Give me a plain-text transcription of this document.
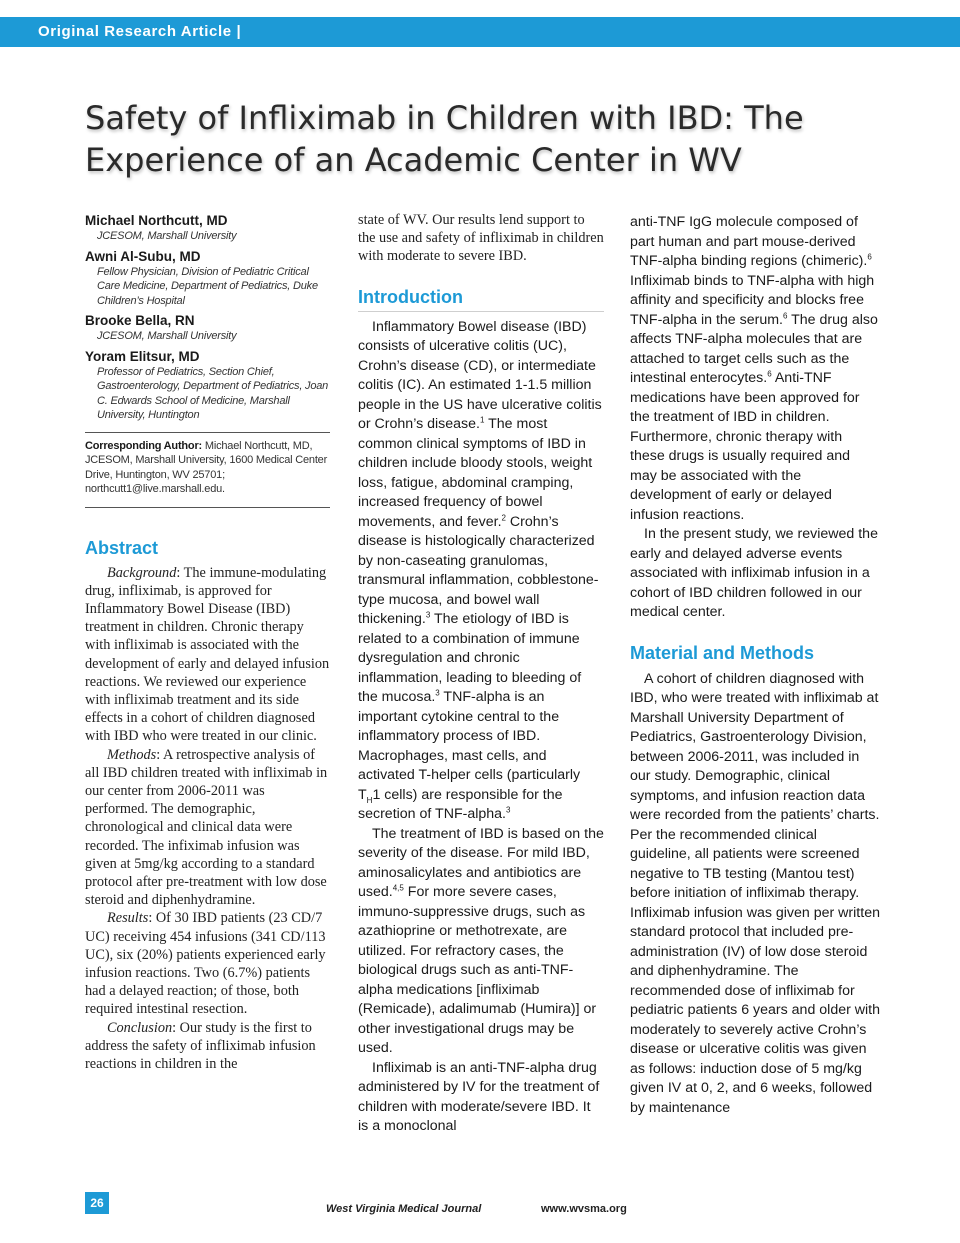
Original Research Article |
Safety of Infliximab in Children with IBD: The
Experience of an Academic Center in WV
Michael Northcutt, MD
JCESOM, Marshall University
Awni Al-Subu, MD
Fellow Physician, Division of Pediatric Critical Care Medicine, Department of Pediatrics, Duke Children’s Hospital
Brooke Bella, RN
JCESOM, Marshall University
Yoram Elitsur, MD
Professor of Pediatrics, Section Chief, Gastroenterology, Department of Pediatrics, Joan C. Edwards School of Medicine, Marshall University, Huntington
Corresponding Author: Michael Northcutt, MD, JCESOM, Marshall University, 1600 Medical Center Drive, Huntington, WV 25701; northcutt1@live.marshall.edu.
Abstract

Background: The immune-modulating drug, infliximab, is approved for Inflammatory Bowel Disease (IBD) treatment in children. Chronic therapy with infliximab is associated with the development of early and delayed infusion reactions. We reviewed our experience with infliximab treatment and its side effects in a cohort of children diagnosed with IBD who were treated in our clinic.

Methods: A retrospective analysis of all IBD children treated with infliximab in our center from 2006-2011 was performed. The demographic, chronological and clinical data were recorded. The infiximab infusion was given at 5mg/kg according to a standard protocol after pre-treatment with low dose steroid and diphenhydramine.

Results: Of 30 IBD patients (23 CD/7 UC) receiving 454 infusions (341 CD/113 UC), six (20%) patients experienced early infusion reactions. Two (6.7%) patients had a delayed reaction; of those, both required intestinal resection.

Conclusion: Our study is the first to address the safety of infliximab infusion reactions in children in the

state of WV. Our results lend support to the use and safety of infliximab in children with moderate to severe IBD.

Introduction

Inflammatory Bowel disease (IBD) consists of ulcerative colitis (UC), Crohn’s disease (CD), or intermediate colitis (IC). An estimated 1-1.5 million people in the US have ulcerative colitis or Crohn’s disease.$^1$ The most common clinical symptoms of IBD in children include bloody stools, weight loss, fatigue, abdominal cramping, increased frequency of bowel movements, and fever.$^2$ Crohn’s disease is histologically characterized by non-caseating granulomas, transmural inflammation, cobblestone-type mucosa, and bowel wall thickening.$^3$ The etiology of IBD is related to a combination of immune dysregulation and chronic inflammation, leading to bleeding of the mucosa.$^3$ TNF-alpha is an important cytokine central to the inflammatory process of IBD. Macrophages, mast cells, and activated T-helper cells (particularly $T_H1$ cells) are responsible for the secretion of TNF-alpha.$^3$

The treatment of IBD is based on the severity of the disease. For mild IBD, aminosalicylates and antibiotics are used.$^{4,5}$ For more severe cases, immuno-suppressive drugs, such as azathioprine or methotrexate, are utilized. For refractory cases, the biological drugs such as anti-TNF-alpha medications [infliximab (Remicade), adalimumab (Humira)] or other investigational drugs may be used.

Infliximab is an anti-TNF-alpha drug administered by IV for the treatment of children with moderate/severe IBD. It is a monoclonal

anti-TNF IgG molecule composed of part human and part mouse-derived TNF-alpha binding regions (chimeric).$^6$ Infliximab binds to TNF-alpha with high affinity and specificity and blocks free TNF-alpha in the serum.$^6$ The drug also affects TNF-alpha molecules that are attached to target cells such as the intestinal enterocytes.$^6$ Anti-TNF medications have been approved for the treatment of IBD in children. Furthermore, chronic therapy with these drugs is usually required and may be associated with the development of early or delayed infusion reactions.

In the present study, we reviewed the early and delayed adverse events associated with infliximab infusion in a cohort of IBD children followed in our medical center.

Material and Methods

A cohort of children diagnosed with IBD, who were treated with infliximab at Marshall University Department of Pediatrics, Gastroenterology Division, between 2006-2011, was included in our study. Demographic, clinical symptoms, and infusion reaction data were recorded from the patients’ charts. Per the recommended clinical guideline, all patients were screened negative to TB testing (Mantou test) before initiation of infliximab therapy. Infliximab infusion was given per written standard protocol that included pre-administration (IV) of low dose steroid and diphenhydramine. The recommended dose of infliximab for pediatric patients 6 years and older with moderately to severely active Crohn’s disease or ulcerative colitis was given as follows: induction dose of 5 mg/kg given IV at 0, 2, and 6 weeks, followed by maintenance

26	West Virginia Medical Journal	www.wvsma.org
